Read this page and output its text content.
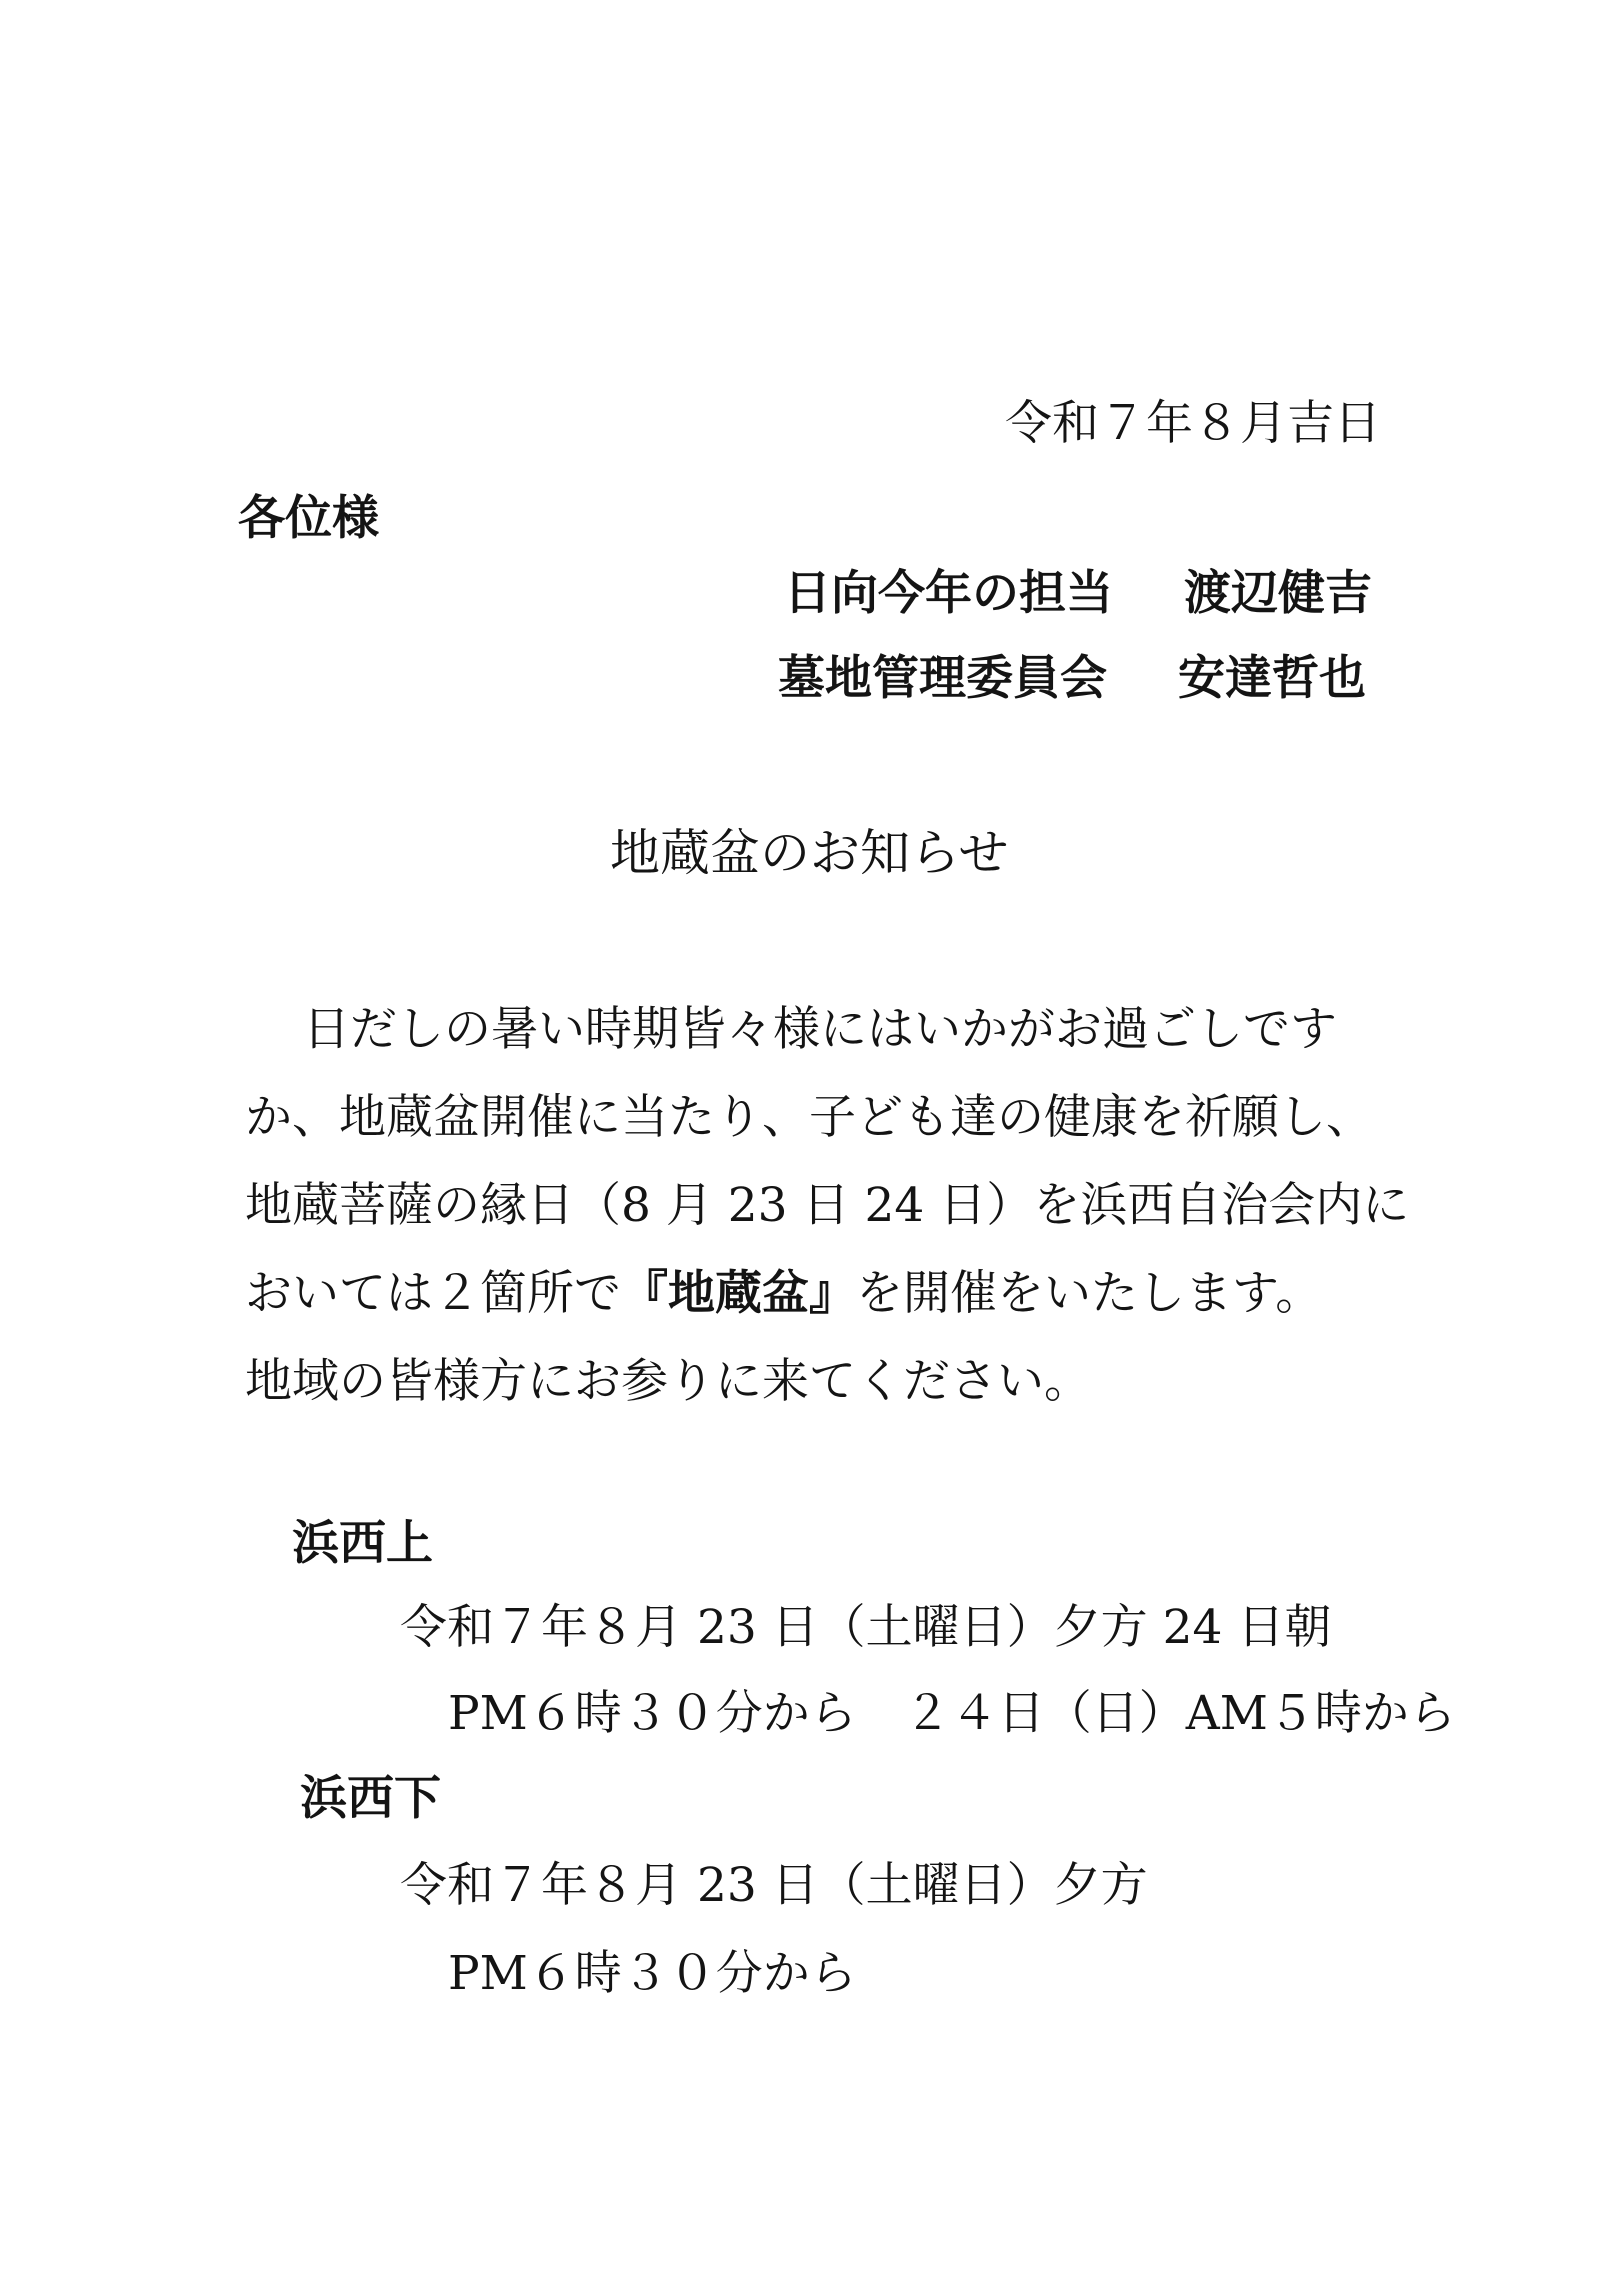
令和７年８月吉日
各位様
日向今年の担当 渡辺健吉
墓地管理委員会 安達哲也
地蔵盆のお知らせ
日だしの暑い時期皆々様にはいかがお過ごしです
か、地蔵盆開催に当たり、子ども達の健康を祈願し、
地蔵菩薩の縁日（8 月 23 日 24 日）を浜西自治会内に
おいては２箇所で『地蔵盆』を開催をいたします。
地域の皆様方にお参りに来てください。
浜西上
令和７年８月 23 日（土曜日）夕方 24 日朝
PM６時３０分から　２４日（日）AM５時から
浜西下
令和７年８月 23 日（土曜日）夕方
PM６時３０分から
